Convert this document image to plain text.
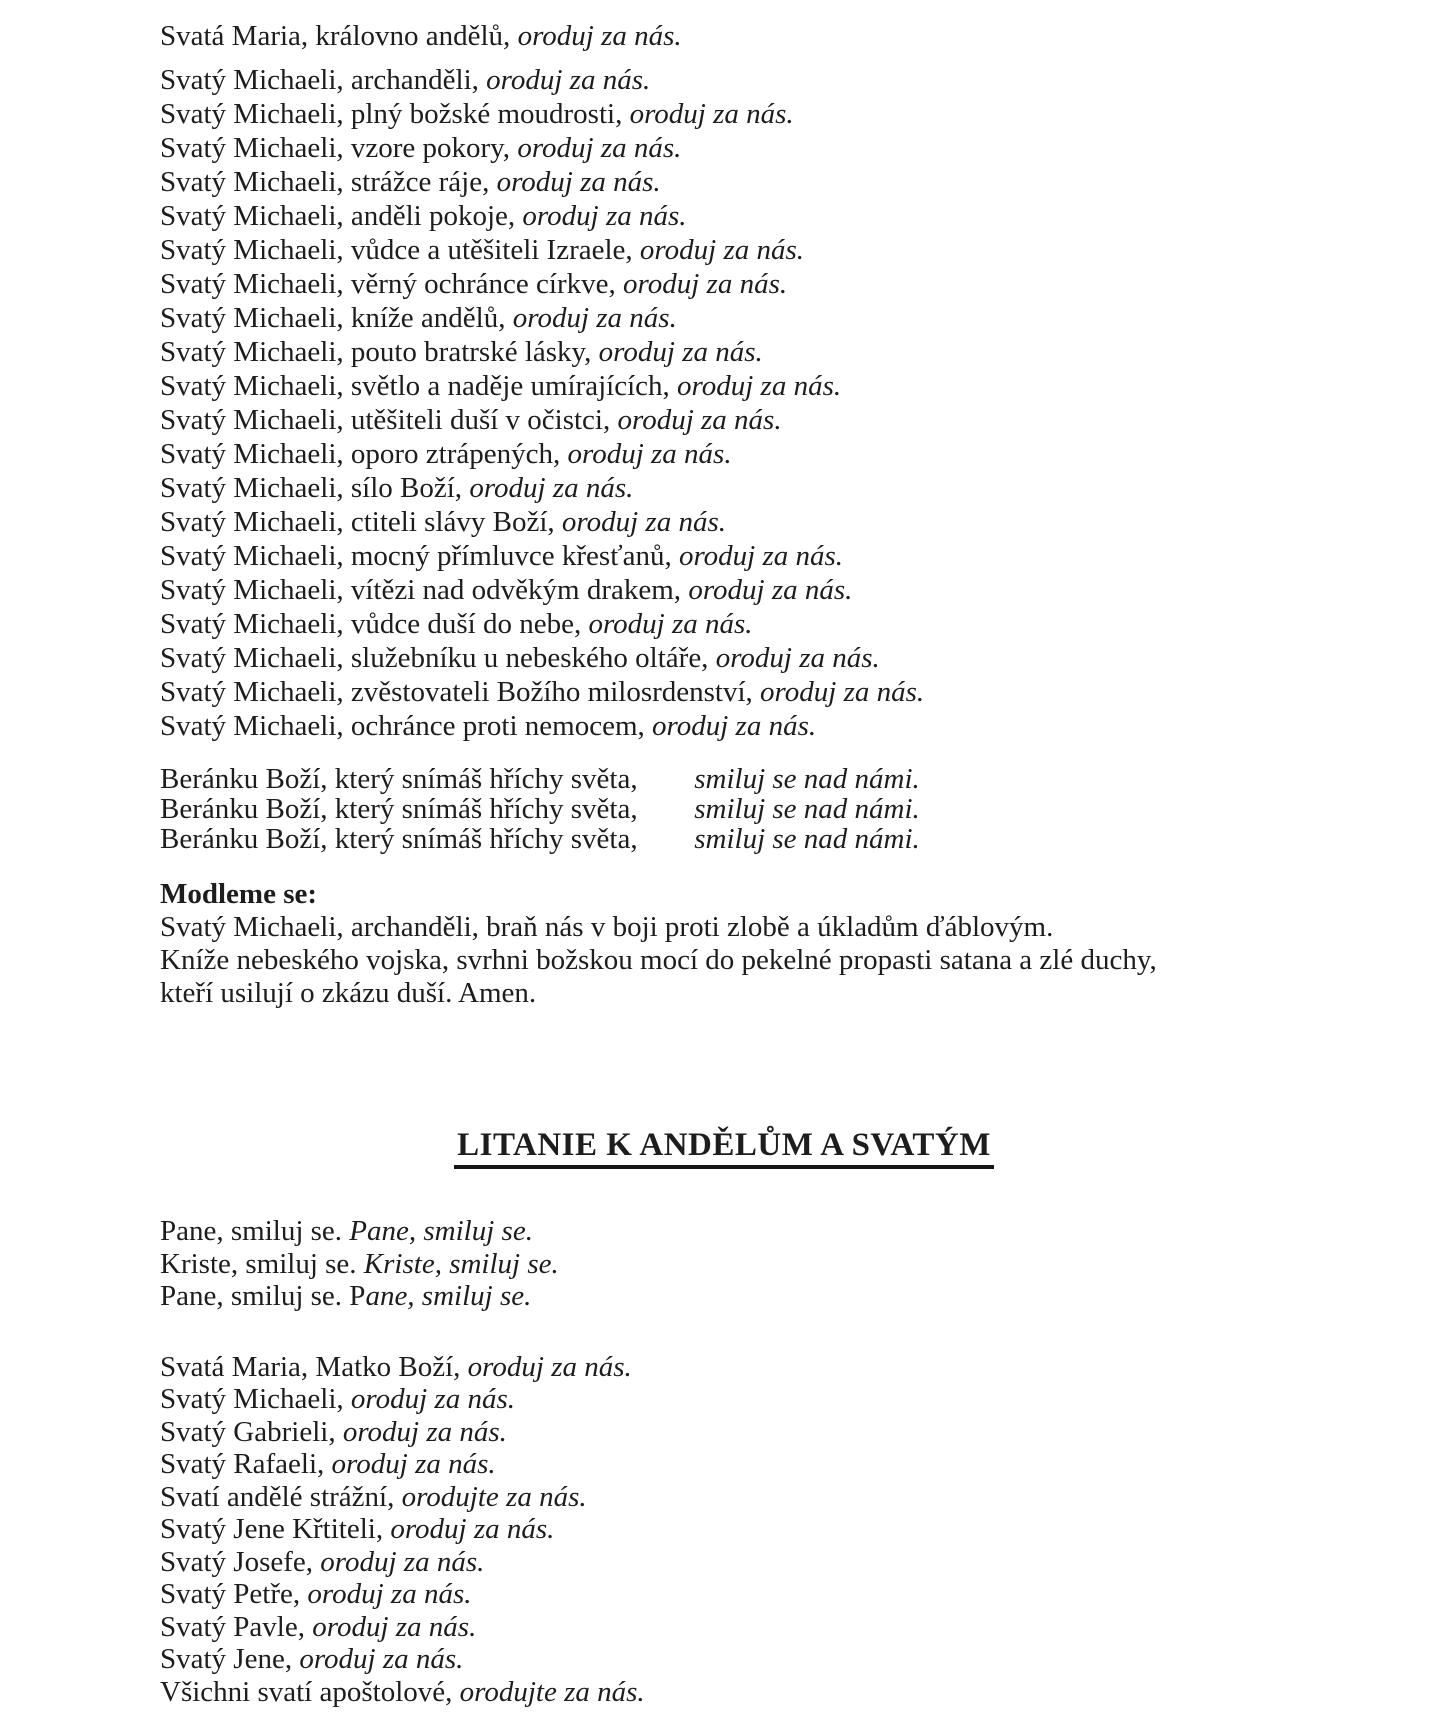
Svatá Maria, královno andělů, oroduj za nás.
Svatý Michaeli, archanděli, oroduj za nás.
Svatý Michaeli, plný božské moudrosti, oroduj za nás.
Svatý Michaeli, vzore pokory, oroduj za nás.
Svatý Michaeli, strážce ráje, oroduj za nás.
Svatý Michaeli, anděli pokoje, oroduj za nás.
Svatý Michaeli, vůdce a utěšiteli Izraele, oroduj za nás.
Svatý Michaeli, věrný ochránce církve, oroduj za nás.
Svatý Michaeli, kníže andělů, oroduj za nás.
Svatý Michaeli, pouto bratrské lásky, oroduj za nás.
Svatý Michaeli, světlo a naděje umírajících, oroduj za nás.
Svatý Michaeli, utěšiteli duší v očistci, oroduj za nás.
Svatý Michaeli, oporo ztrápených, oroduj za nás.
Svatý Michaeli, sílo Boží, oroduj za nás.
Svatý Michaeli, ctiteli slávy Boží, oroduj za nás.
Svatý Michaeli, mocný přímluvce křesťanů, oroduj za nás.
Svatý Michaeli, vítězi nad odvěkým drakem, oroduj za nás.
Svatý Michaeli, vůdce duší do nebe, oroduj za nás.
Svatý Michaeli, služebníku u nebeského oltáře, oroduj za nás.
Svatý Michaeli, zvěstovateli Božího milosrdenství, oroduj za nás.
Svatý Michaeli, ochránce proti nemocem, oroduj za nás.
Beránku Boží, který snímáš hříchy světa, smiluj se nad námi.
Beránku Boží, který snímáš hříchy světa, smiluj se nad námi.
Beránku Boží, který snímáš hříchy světa, smiluj se nad námi.
Modleme se:
Svatý Michaeli, archanděli, braň nás v boji proti zlobě a úkladům ďáblovým.
Kníže nebeského vojska, svrhni božskou mocí do pekelné propasti satana a zlé duchy,
kteří usilují o zkázu duší. Amen.
LITANIE K ANDĚLŮM A SVATÝM
Pane, smiluj se. Pane, smiluj se.
Kriste, smiluj se. Kriste, smiluj se.
Pane, smiluj se. Pane, smiluj se.
Svatá Maria, Matko Boží, oroduj za nás.
Svatý Michaeli, oroduj za nás.
Svatý Gabrieli, oroduj za nás.
Svatý Rafaeli, oroduj za nás.
Svatí andělé strážní, orodujte za nás.
Svatý Jene Křtiteli, oroduj za nás.
Svatý Josefe, oroduj za nás.
Svatý Petře, oroduj za nás.
Svatý Pavle, oroduj za nás.
Svatý Jene, oroduj za nás.
Všichni svatí apoštolové, orodujte za nás.
